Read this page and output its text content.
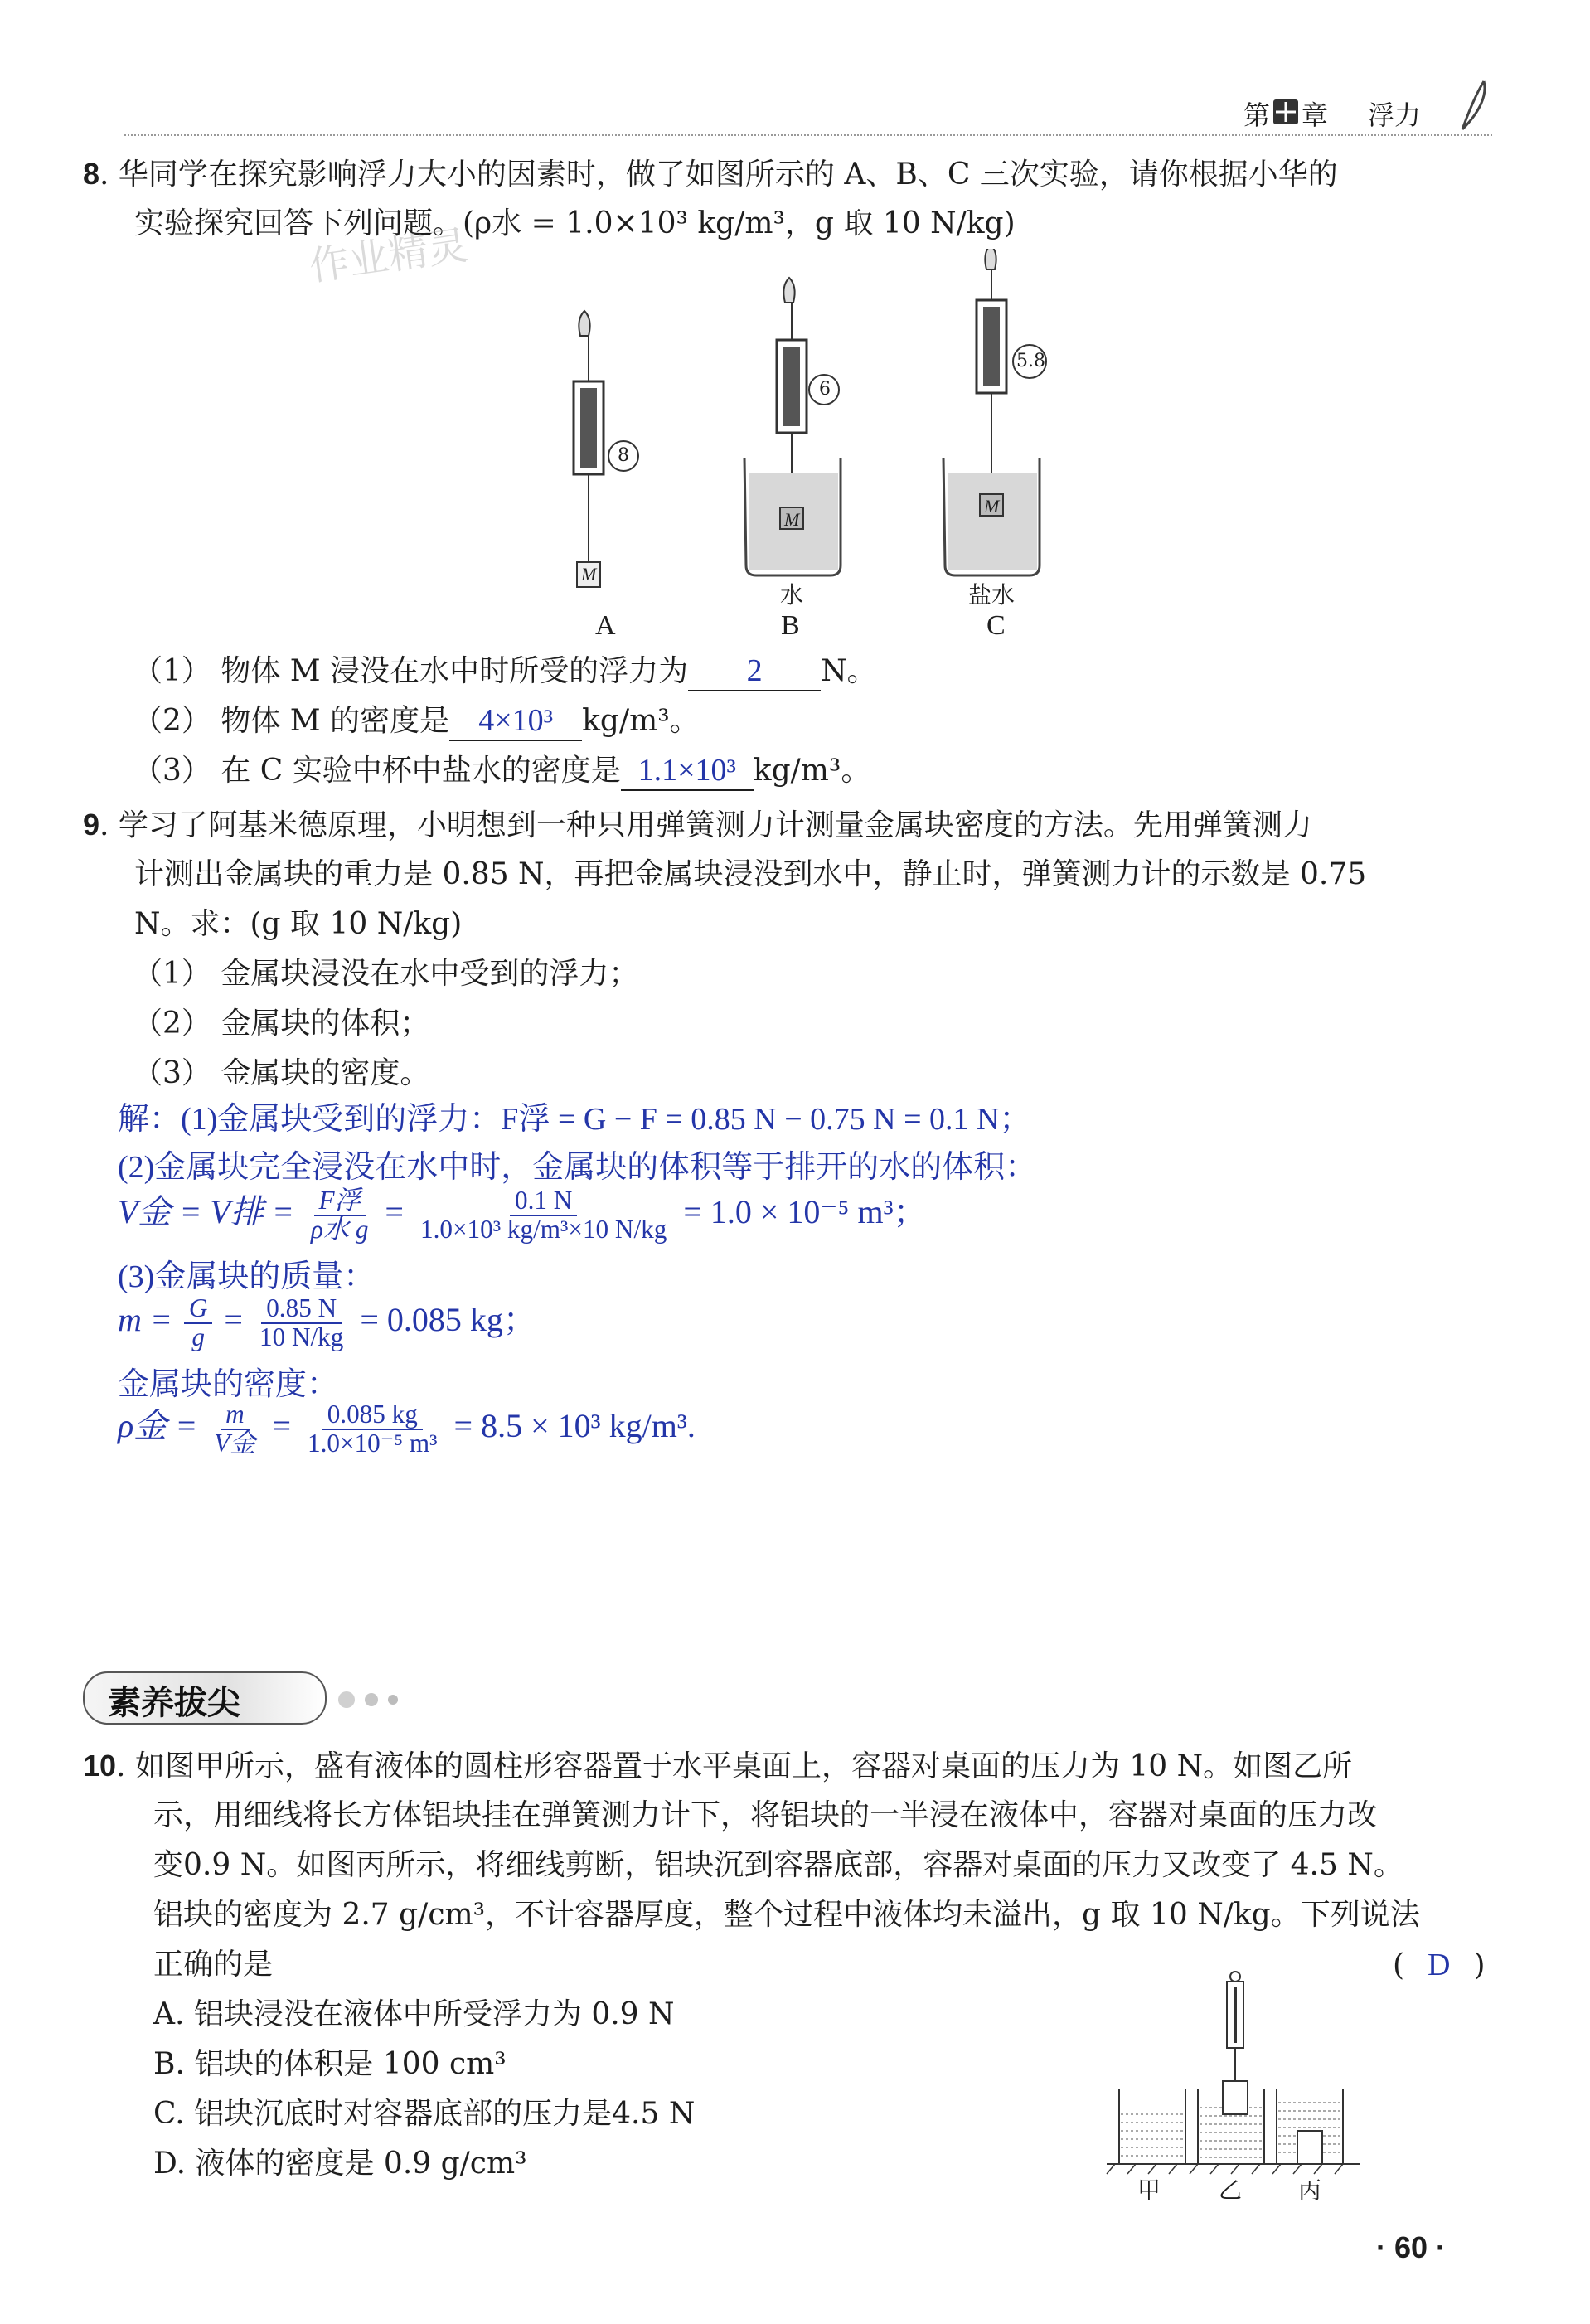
第 章 浮力
8. 华同学在探究影响浮力大小的因素时，做了如图所示的 A、B、C 三次实验，请你根据小华的
实验探究回答下列问题。(ρ水 = 1.0×10³ kg/m³，g 取 10 N/kg)
作业精灵
M
M
M
8
6
5.8
水	盐水
A	B	C
（1） 物体 M 浸没在水中时所受的浮力为 2 N。
（2） 物体 M 的密度是 4×10³ kg/m³。
（3） 在 C 实验中杯中盐水的密度是 1.1×10³ kg/m³。
9. 学习了阿基米德原理，小明想到一种只用弹簧测力计测量金属块密度的方法。先用弹簧测力
计测出金属块的重力是 0.85 N，再把金属块浸没到水中，静止时，弹簧测力计的示数是 0.75
N。求：(g 取 10 N/kg)
（1） 金属块浸没在水中受到的浮力；
（2） 金属块的体积；
（3） 金属块的密度。
解：(1)金属块受到的浮力：F浮 = G − F = 0.85 N − 0.75 N = 0.1 N；
(2)金属块完全浸没在水中时，金属块的体积等于排开的水的体积：
V金 = V排 = $\frac{\text{F浮}}{\text{ρ水 g}} = \frac{0.1 N}{\text{1.0×10³ kg/m³×10 N/kg}} = 1.0 \times 10^{-5}$ m³；
(3)金属块的质量：
$m = \frac{G}{g} = \frac{0.85 N}{10 N/kg} = 0.085$ kg；
金属块的密度：
ρ金 = $\frac{m}{\text{V金}} = \frac{0.085 kg}{\text{1.0×10⁻⁵ m³}} = 8.5 \times 10^3$ kg/m³.
素养拔尖
10. 如图甲所示，盛有液体的圆柱形容器置于水平桌面上，容器对桌面的压力为 10 N。如图乙所
示，用细线将长方体铝块挂在弹簧测力计下，将铝块的一半浸在液体中，容器对桌面的压力改
变0.9 N。如图丙所示，将细线剪断，铝块沉到容器底部，容器对桌面的压力又改变了 4.5 N。
铝块的密度为 2.7 g/cm³，不计容器厚度，整个过程中液体均未溢出，g 取 10 N/kg。下列说法
正确的是	( D )
A. 铝块浸没在液体中所受浮力为 0.9 N
B. 铝块的体积是 100 cm³
C. 铝块沉底时对容器底部的压力是4.5 N
D. 液体的密度是 0.9 g/cm³
甲 乙 丙
· 60 ·
